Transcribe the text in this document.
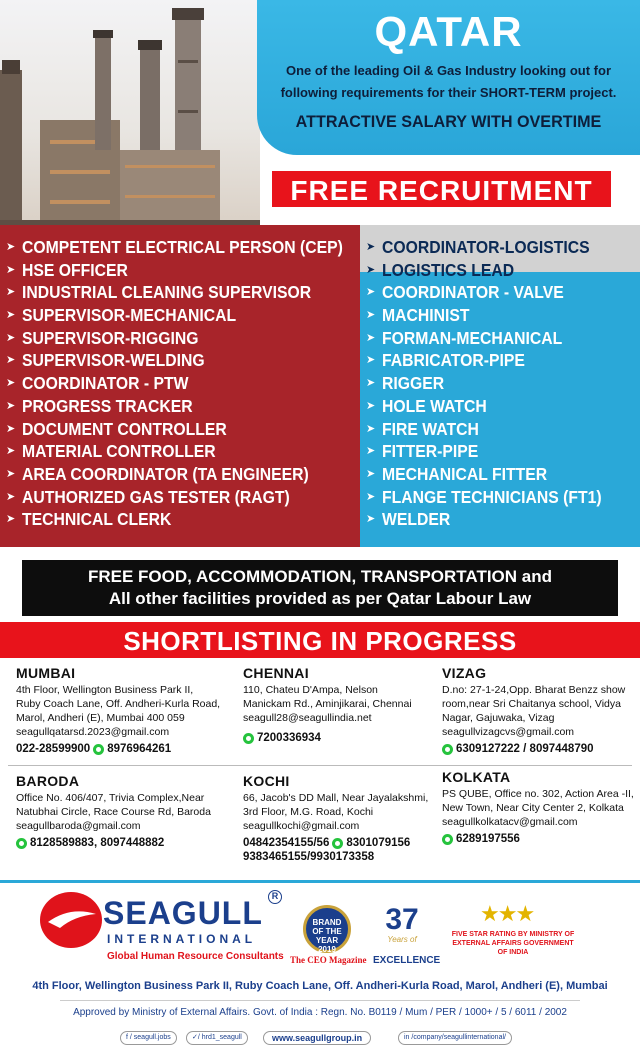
QATAR
One of the leading Oil & Gas Industry looking out for following requirements for their SHORT-TERM project.
ATTRACTIVE SALARY WITH OVERTIME
FREE RECRUITMENT
➤ COMPETENT ELECTRICAL PERSON (CEP)
➤ HSE OFFICER
➤ INDUSTRIAL CLEANING SUPERVISOR
➤ SUPERVISOR-MECHANICAL
➤ SUPERVISOR-RIGGING
➤ SUPERVISOR-WELDING
➤ COORDINATOR - PTW
➤ PROGRESS TRACKER
➤ DOCUMENT CONTROLLER
➤ MATERIAL CONTROLLER
➤ AREA COORDINATOR (TA ENGINEER)
➤ AUTHORIZED GAS TESTER (RAGT)
➤ TECHNICAL CLERK
➤ COORDINATOR-LOGISTICS
➤ LOGISTICS LEAD
➤ COORDINATOR - VALVE
➤ MACHINIST
➤ FORMAN-MECHANICAL
➤ FABRICATOR-PIPE
➤ RIGGER
➤ HOLE WATCH
➤ FIRE WATCH
➤ FITTER-PIPE
➤ MECHANICAL FITTER
➤ FLANGE TECHNICIANS (FT1)
➤ WELDER
FREE FOOD, ACCOMMODATION, TRANSPORTATION and
All other facilities provided as per Qatar Labour Law
SHORTLISTING IN PROGRESS
MUMBAI
4th Floor, Wellington Business Park II,
Ruby Coach Lane, Off. Andheri-Kurla Road,
Marol, Andheri (E), Mumbai 400 059
seagullqatarsd.2023@gmail.com
022-28599900 8976964261
CHENNAI
110, Chateu D'Ampa, Nelson
Manickam Rd., Aminjikarai, Chennai
seagull28@seagullindia.net
7200336934
VIZAG
D.no: 27-1-24,Opp. Bharat Benzz show
room,near Sri Chaitanya school, Vidya
Nagar, Gajuwaka, Vizag
seagullvizagcvs@gmail.com
6309127222 / 8097448790
BARODA
Office No. 406/407, Trivia Complex,Near
Natubhai Circle, Race Course Rd, Baroda
seagullbaroda@gmail.com
8128589883, 8097448882
KOCHI
66, Jacob's DD Mall, Near Jayalakshmi,
3rd Floor, M.G. Road, Kochi
seagullkochi@gmail.com
04842354155/56 8301079156
9383465155/9930173358
KOLKATA
PS QUBE, Office no. 302, Action Area -II,
New Town, Near City Center 2, Kolkata
seagullkolkatacv@gmail.com
6289197556
SEAGULL R
INTERNATIONAL
Global Human Resource Consultants
BRAND OF THE YEAR
2019
The CEO Magazine
37
Years of
EXCELLENCE
★★★
FIVE STAR RATING BY MINISTRY OF EXTERNAL AFFAIRS GOVERNMENT OF INDIA
4th Floor, Wellington Business Park II, Ruby Coach Lane, Off. Andheri-Kurla Road, Marol, Andheri (E), Mumbai
Approved by Ministry of External Affairs. Govt. of India : Regn. No. B0119 / Mum / PER / 1000+ / 5 / 6011 / 2002
f / seagull.jobs	✓/ hrd1_seagull	www.seagullgroup.in	in /company/seagullinternational/
